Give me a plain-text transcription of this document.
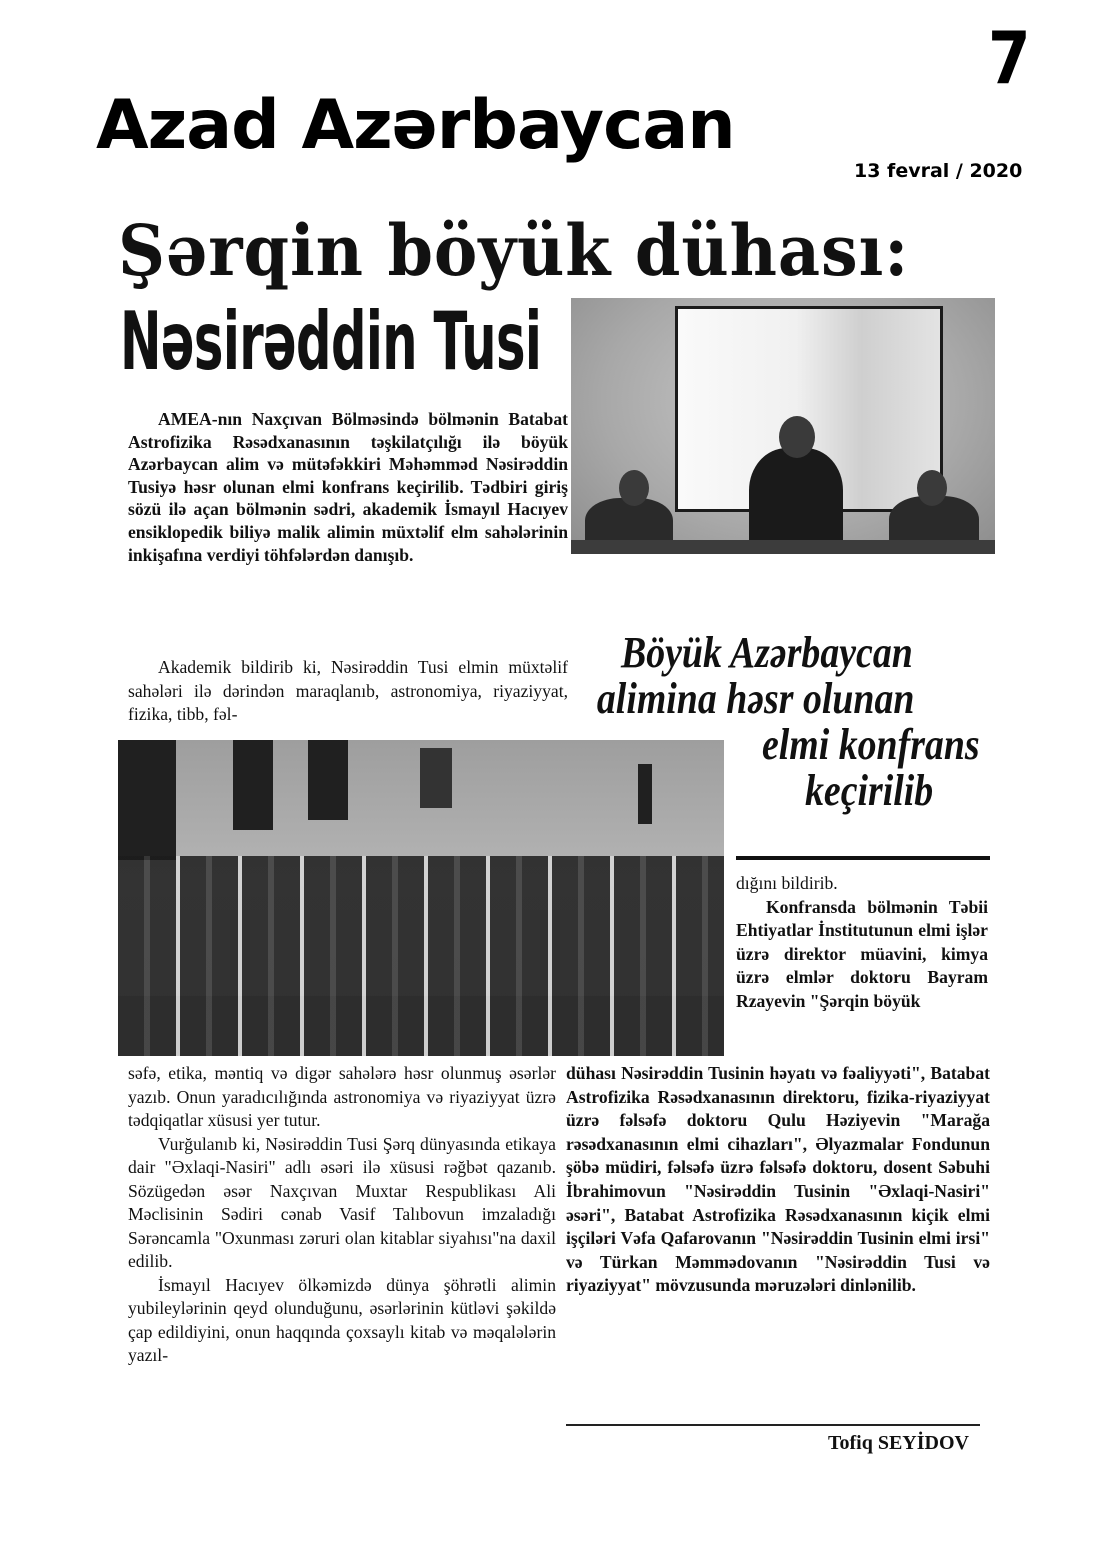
Azad Azərbaycan
7
13 fevral / 2020
Şərqin böyük dühası:
Nəsirəddin Tusi

AMEA-nın Naxçıvan Bölməsində bölmənin Batabat Astrofizika Rəsədxanasının təşkilatçılığı ilə böyük Azərbaycan alim və mütəfəkkiri Məhəmməd Nəsirəddin Tusiyə həsr olunan elmi konfrans keçirilib. Tədbiri giriş sözü ilə açan bölmənin sədri, akademik İsmayıl Hacıyev ensiklopedik biliyə malik alimin müxtəlif elm sahələrinin inkişafına verdiyi töhfələrdən danışıb.

Akademik bildirib ki, Nəsirəddin Tusi elmin müxtəlif sahələri ilə dərindən maraqlanıb, astronomiya, riyaziyyat, fizika, tibb, fəl-

Böyük Azərbaycan
alimina həsr olunan
elmi konfrans
keçirilib

dığını bildirib.

Konfransda bölmənin Təbii Ehtiyatlar İnstitutunun elmi işlər üzrə direktor müavini, kimya üzrə elmlər doktoru Bayram Rzayevin "Şərqin böyük

səfə, etika, məntiq və digər sahələrə həsr olunmuş əsərlər yazıb. Onun yaradıcılığında astronomiya və riyaziyyat üzrə tədqiqatlar xüsusi yer tutur.

Vurğulanıb ki, Nəsirəddin Tusi Şərq dünyasında etikaya dair "Əxlaqi-Nasiri" adlı əsəri ilə xüsusi rəğbət qazanıb. Sözügedən əsər Naxçıvan Muxtar Respublikası Ali Məclisinin Sədiri cənab Vasif Talıbovun imzaladığı Sərəncamla "Oxunması zəruri olan kitablar siyahısı"na daxil edilib.

İsmayıl Hacıyev ölkəmizdə dünya şöhrətli alimin yubileylərinin qeyd olunduğunu, əsərlərinin kütləvi şəkildə çap edildiyini, onun haqqında çoxsaylı kitab və məqalələrin yazıl-

dühası Nəsirəddin Tusinin həyatı və fəaliyyəti", Batabat Astrofizika Rəsədxanasının direktoru, fizika-riyaziyyat üzrə fəlsəfə doktoru Qulu Həziyevin "Marağa rəsədxanasının elmi cihazları", Əlyazmalar Fondunun şöbə müdiri, fəlsəfə üzrə fəlsəfə doktoru, dosent Səbuhi İbrahimovun "Nəsirəddin Tusinin "Əxlaqi-Nasiri" əsəri", Batabat Astrofizika Rəsədxanasının kiçik elmi işçiləri Vəfa Qafarovanın "Nəsirəddin Tusinin elmi irsi" və Türkan Məmmədovanın "Nəsirəddin Tusi və riyaziyyat" mövzusunda məruzələri dinlənilib.

Tofiq SEYİDOV
